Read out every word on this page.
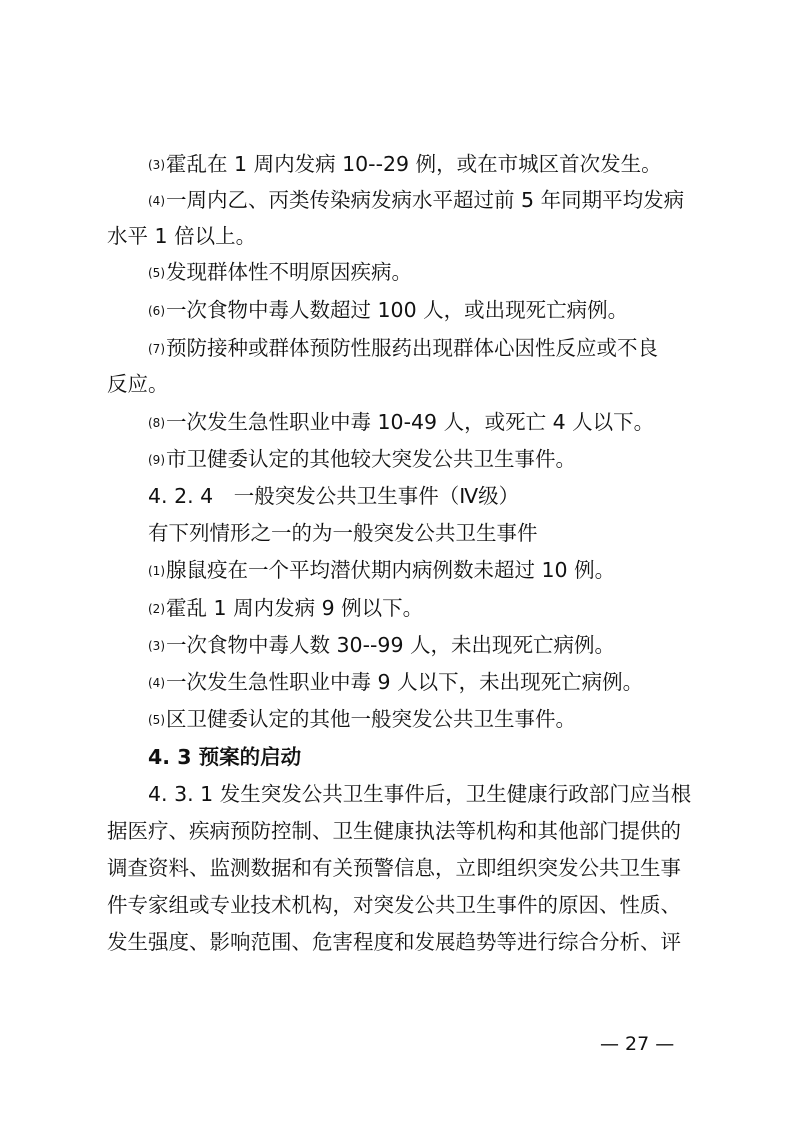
(3)霍乱在 1 周内发病 10--29 例，或在市城区首次发生。
(4)一周内乙、丙类传染病发病水平超过前 5 年同期平均发病
水平 1 倍以上。
(5)发现群体性不明原因疾病。
(6)一次食物中毒人数超过 100 人，或出现死亡病例。
(7)预防接种或群体预防性服药出现群体心因性反应或不良
反应。
(8)一次发生急性职业中毒 10-49 人，或死亡 4 人以下。
(9)市卫健委认定的其他较大突发公共卫生事件。
4. 2. 4　一般突发公共卫生事件（Ⅳ级）
有下列情形之一的为一般突发公共卫生事件
(1)腺鼠疫在一个平均潜伏期内病例数未超过 10 例。
(2)霍乱 1 周内发病 9 例以下。
(3)一次食物中毒人数 30--99 人，未出现死亡病例。
(4)一次发生急性职业中毒 9 人以下，未出现死亡病例。
(5)区卫健委认定的其他一般突发公共卫生事件。
4. 3 预案的启动
4. 3. 1 发生突发公共卫生事件后，卫生健康行政部门应当根
据医疗、疾病预防控制、卫生健康执法等机构和其他部门提供的
调查资料、监测数据和有关预警信息，立即组织突发公共卫生事
件专家组或专业技术机构，对突发公共卫生事件的原因、性质、
发生强度、影响范围、危害程度和发展趋势等进行综合分析、评
— 27 —
